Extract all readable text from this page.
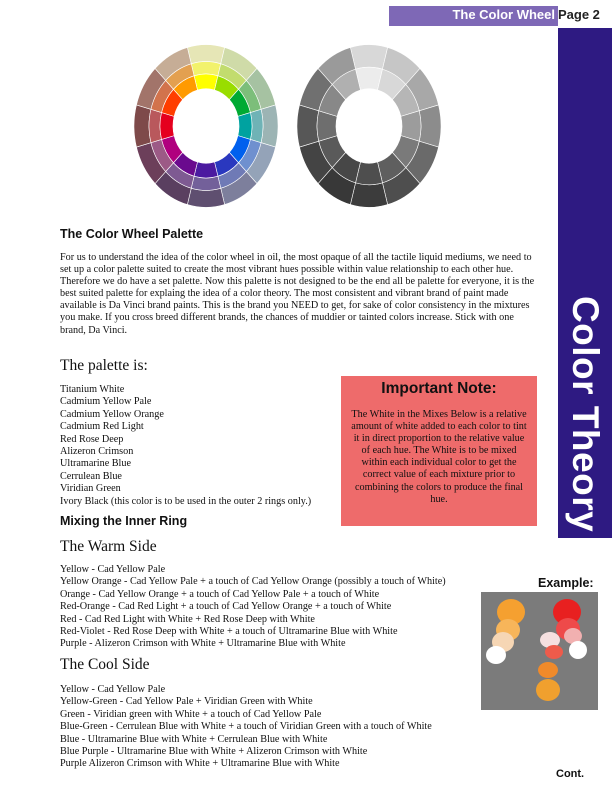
The Color Wheel Page 2
Color Theory 1
The Color Wheel Palette

For us to understand the idea of the color wheel in oil, the most opaque of all the tactile liquid mediums, we need to set up a color palette suited to create the most vibrant hues possible within value relationship to each other hue. Therefore we do have a set palette. Now this palette is not designed to be the end all be palette for everyone, it is the best suited palette for explaing the idea of a color theory. The most consistent and vibrant brand of paint made available is Da Vinci brand paints. This is the brand you NEED to get, for sake of color consistency in the mixtures you make. If you cross breed different brands, the chances of muddier or tainted colors increase. Stick with one brand, Da Vinci.

The palette is:
Titanium White
Cadmium Yellow Pale
Cadmium Yellow Orange
Cadmium Red Light
Red Rose Deep
Alizeron Crimson
Ultramarine Blue
Cerrulean Blue
Viridian Green
Ivory Black (this color is to be used in the outer 2 rings only.)
Important Note:

The White in the Mixes Below is a relative amount of white added to each color to tint it in direct proportion to the relative value of each hue. The White is to be mixed within each individual color to get the correct value of each mixture prior to combining the colors to produce the final hue.

Mixing the Inner Ring
The Warm Side
Yellow - Cad Yellow Pale
Yellow Orange - Cad Yellow Pale + a touch of Cad Yellow Orange (possibly a touch of White)
Orange - Cad Yellow Orange + a touch of Cad Yellow Pale + a touch of White
Red-Orange - Cad Red Light + a touch of Cad Yellow Orange + a touch of White
Red - Cad Red Light with White + Red Rose Deep with White
Red-Violet - Red Rose Deep with White + a touch of Ultramarine Blue with White
Purple - Alizeron Crimson with White + Ultramarine Blue with White
The Cool Side
Yellow - Cad Yellow Pale
Yellow-Green - Cad Yellow Pale + Viridian Green with White
Green - Viridian green with White + a touch of Cad Yellow Pale
Blue-Green - Cerrulean Blue with White + a touch of Viridian Green with a touch of White
Blue - Ultramarine Blue with White + Cerrulean Blue with White
Blue Purple - Ultramarine Blue with White + Alizeron Crimson with White
Purple Alizeron Crimson with White + Ultramarine Blue with White
Example:
Cont.
